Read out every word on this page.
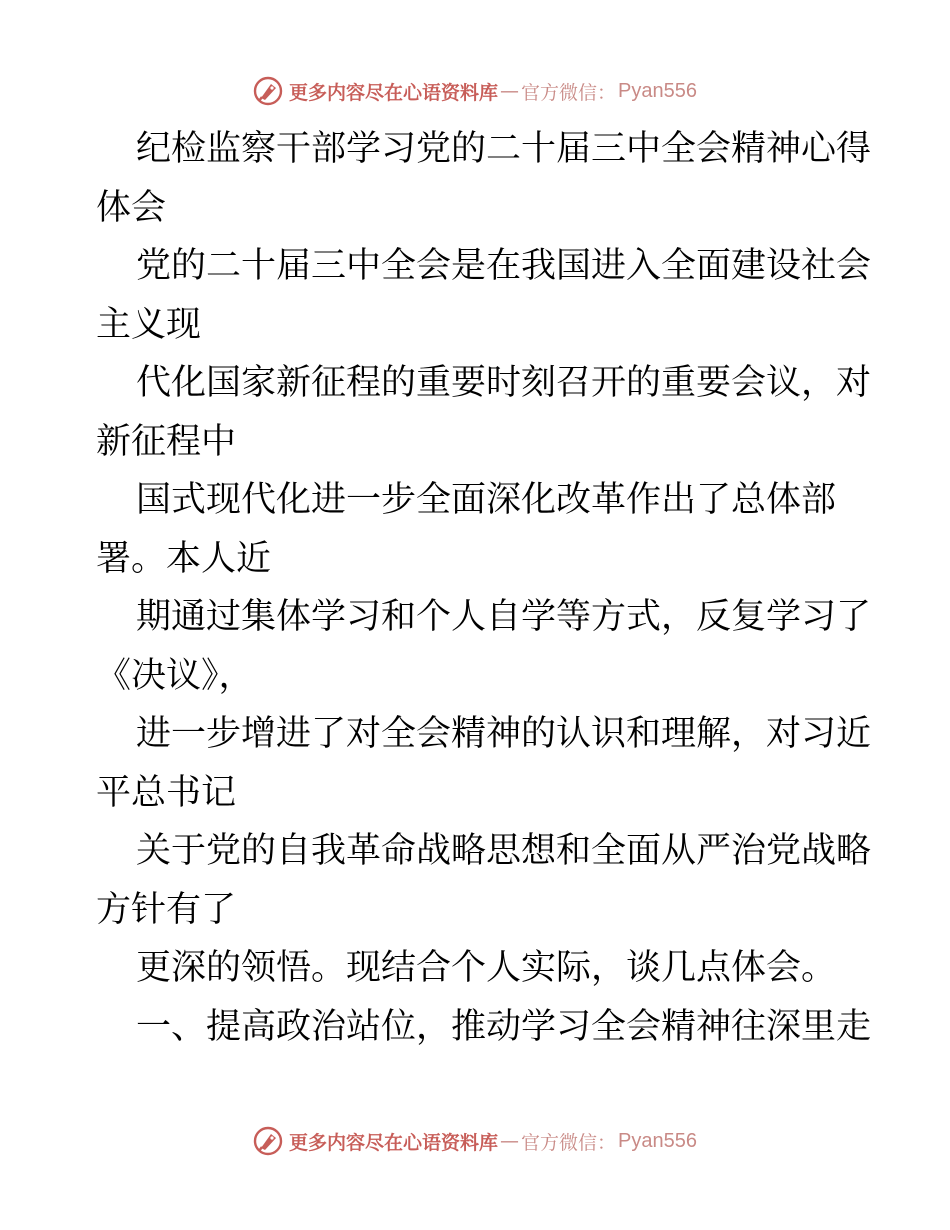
更多内容尽在心语资料库 — 官方微信： Pyan556
纪检监察干部学习党的二十届三中全会精神心得
体会
党的二十届三中全会是在我国进入全面建设社会
主义现
代化国家新征程的重要时刻召开的重要会议，对
新征程中
国式现代化进一步全面深化改革作出了总体部
署。本人近
期通过集体学习和个人自学等方式，反复学习了
《决议》，
进一步增进了对全会精神的认识和理解，对习近
平总书记
关于党的自我革命战略思想和全面从严治党战略
方针有了
更深的领悟。现结合个人实际，谈几点体会。
一、提高政治站位，推动学习全会精神往深里走
更多内容尽在心语资料库 — 官方微信： Pyan556
